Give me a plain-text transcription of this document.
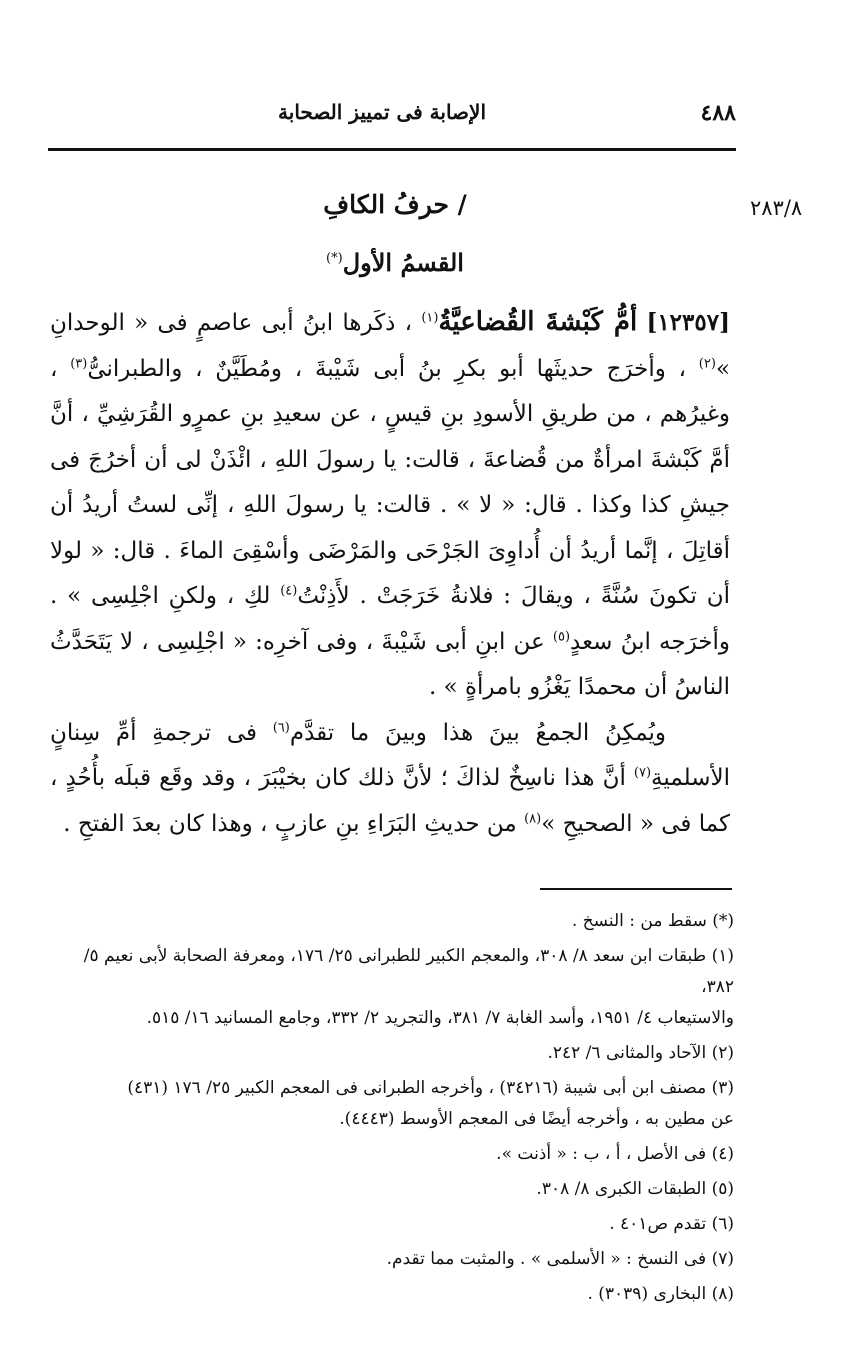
٤٨٨
الإصابة فى تمييز الصحابة
٢٨٣/٨
/ حرفُ الكافِ
القسمُ الأول(*)

[١٢٣٥٧] أمُّ كَبْشةَ القُضاعيَّةُ$^{(١)}$ ، ذكَرها ابنُ أبى عاصمٍ فى « الوحدانِ »$^{(٢)}$ ، وأخرَج حديثَها أبو بكرِ بنُ أبى شَيْبةَ ، ومُطَيَّنٌ ، والطبرانىُّ$^{(٣)}$ ، وغيرُهم ، من طريقِ الأسودِ بنِ قيسٍ ، عن سعيدِ بنِ عمرٍو القُرَشِيِّ ، أنَّ أمَّ كَبْشةَ امرأةٌ من قُضاعةَ ، قالت: يا رسولَ اللهِ ، ائْذَنْ لى أن أخرُجَ فى جيشِ كذا وكذا . قال: « لا » . قالت: يا رسولَ اللهِ ، إنِّى لستُ أريدُ أن أقاتِلَ ، إنَّما أريدُ أن أُداوِىَ الجَرْحَى والمَرْضَى وأسْقِىَ الماءَ . قال: « لولا أن تكونَ سُنَّةً ، ويقالَ : فلانةُ خَرَجَتْ . لأَذِنْتُ$^{(٤)}$ لكِ ، ولكنِ اجْلِسِى » . وأخرَجه ابنُ سعدٍ$^{(٥)}$ عن ابنِ أبى شَيْبةَ ، وفى آخرِه: « اجْلِسِى ، لا يَتَحَدَّثُ الناسُ أن محمدًا يَغْزُو بامرأةٍ » .

ويُمكِنُ الجمعُ بينَ هذا وبينَ ما تقدَّم$^{(٦)}$ فى ترجمةِ أمِّ سِنانٍ الأسلميةِ$^{(٧)}$ أنَّ هذا ناسِخٌ لذاكَ ؛ لأنَّ ذلك كان بخيْبَرَ ، وقد وقَع قبلَه بأُحُدٍ ، كما فى « الصحيحِ »$^{(٨)}$ من حديثِ البَرَاءِ بنِ عازبٍ ، وهذا كان بعدَ الفتحِ .

(*) سقط من : النسخ .
(١) طبقات ابن سعد ٨/ ٣٠٨، والمعجم الكبير للطبرانى ٢٥/ ١٧٦، ومعرفة الصحابة لأبى نعيم ٥/ ٣٨٢،
والاستيعاب ٤/ ١٩٥١، وأسد الغابة ٧/ ٣٨١، والتجريد ٢/ ٣٣٢، وجامع المسانيد ١٦/ ٥١٥.
(٢) الآحاد والمثانى ٦/ ٢٤٢.
(٣) مصنف ابن أبى شيبة (٣٤٢١٦) ، وأخرجه الطبرانى فى المعجم الكبير ٢٥/ ١٧٦ (٤٣١)
عن مطين به ، وأخرجه أيضًا فى المعجم الأوسط (٤٤٤٣).
(٤) فى الأصل ، أ ، ب : « أذنت ».
(٥) الطبقات الكبرى ٨/ ٣٠٨.
(٦) تقدم ص٤٠١ .
(٧) فى النسخ : « الأسلمى » . والمثبت مما تقدم.
(٨) البخارى (٣٠٣٩) .
